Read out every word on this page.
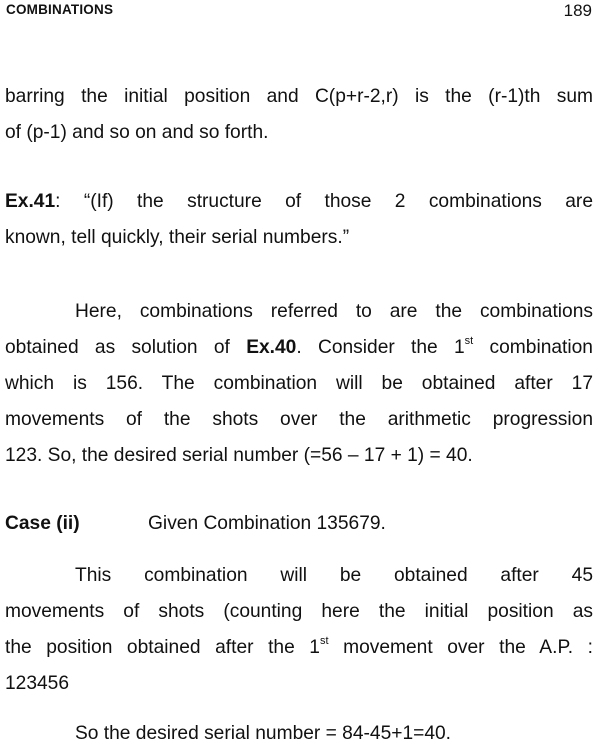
COMBINATIONS	189
barring the initial position and C(p+r-2,r) is the (r-1)th sum
of (p-1) and so on and so forth.
Ex.41: “(If) the structure of those 2 combinations are
known, tell quickly, their serial numbers.”
Here, combinations referred to are the combinations
obtained as solution of Ex.40. Consider the 1st combination
which is 156. The combination will be obtained after 17
movements of the shots over the arithmetic progression
123. So, the desired serial number (=56 – 17 + 1) = 40.
Case (ii)	Given Combination 135679.
This combination will be obtained after 45
movements of shots (counting here the initial position as
the position obtained after the 1st movement over the A.P. :
123456
So the desired serial number = 84-45+1=40.
